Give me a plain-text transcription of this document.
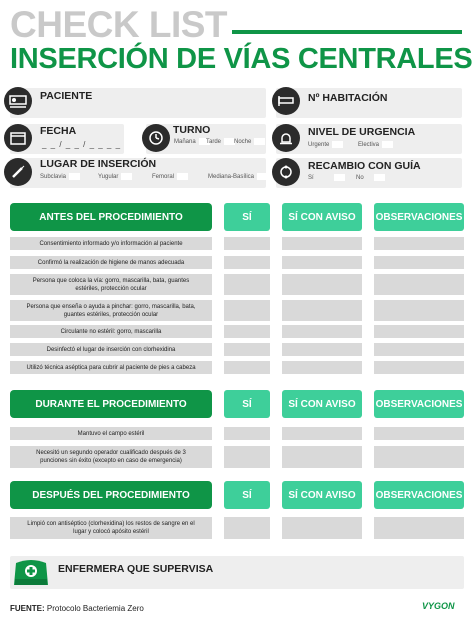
CHECK LIST
INSERCIÓN DE VÍAS CENTRALES
PACIENTE	Nº HABITACIÓN
FECHA
_ _ / _ _ / _ _ _ _
TURNO
Mañana	Tarde	Noche
NIVEL DE URGENCIA
Urgente	Electiva
LUGAR DE INSERCIÓN
Subclavia	Yugular	Femoral	Mediana-Basílica
RECAMBIO CON GUÍA
Sí	No
ANTES DEL PROCEDIMIENTO	SÍ	SÍ CON AVISO	OBSERVACIONES
Consentimiento informado y/o información al paciente
Confirmó la realización de higiene de manos adecuada
Persona que coloca la vía: gorro, mascarilla, bata, guantes estériles, protección ocular
Persona que enseña o ayuda a pinchar: gorro, mascarilla, bata, guantes estériles, protección ocular
Circulante no estéril: gorro, mascarilla
Desinfectó el lugar de inserción con clorhexidina
Utilizó técnica aséptica para cubrir al paciente de pies a cabeza
DURANTE EL PROCEDIMIENTO	SÍ	SÍ CON AVISO	OBSERVACIONES
Mantuvo el campo estéril
Necesitó un segundo operador cualificado después de 3 punciones sin éxito (excepto en caso de emergencia)
DESPUÉS DEL PROCEDIMIENTO	SÍ	SÍ CON AVISO	OBSERVACIONES
Limpió con antiséptico (clorhexidina) los restos de sangre en el lugar y colocó apósito estéril
ENFERMERA QUE SUPERVISA
FUENTE: Protocolo Bacteriemia Zero	VYGON
